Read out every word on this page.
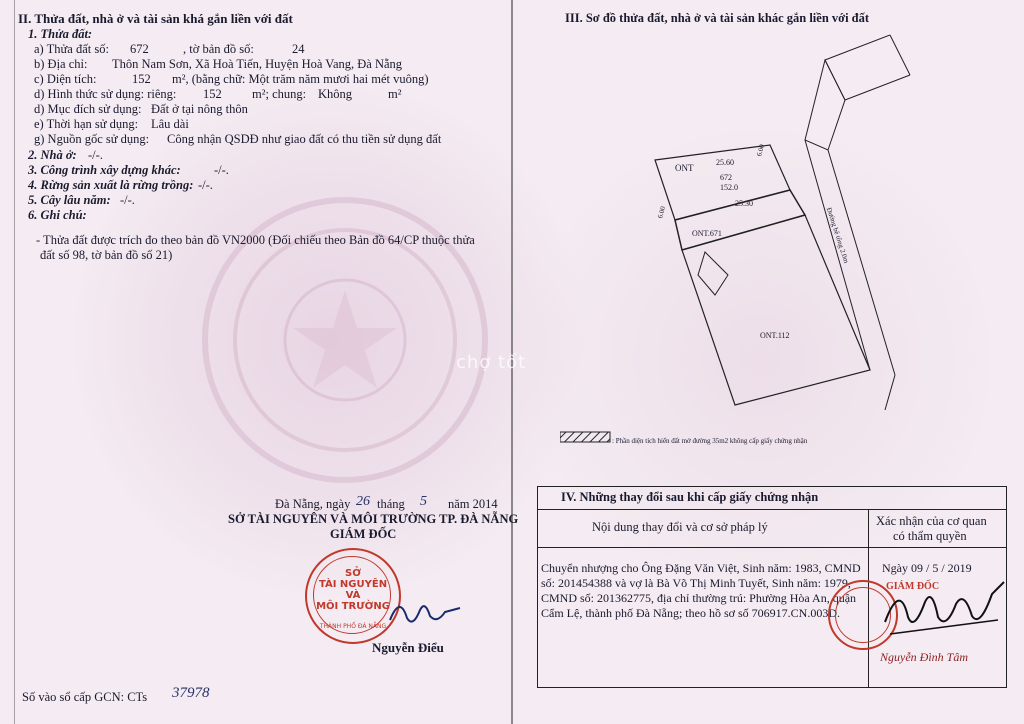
chợ tốt
II. Thửa đất, nhà ở và tài sản khá gắn liền với đất
1. Thửa đất:
a) Thửa đất số: 672	, tờ bản đồ số:	24
b) Địa chỉ: Thôn Nam Sơn, Xã Hoà Tiến, Huyện Hoà Vang, Đà Nẵng
c) Diện tích:	152 m², (bằng chữ: Một trăm năm mươi hai mét vuông)
d) Hình thức sử dụng: riêng: 152 m²; chung: Không	m²
d) Mục đích sử dụng: Đất ở tại nông thôn
e) Thời hạn sử dụng: Lâu dài
g) Nguồn gốc sử dụng: Công nhận QSDĐ như giao đất có thu tiền sử dụng đất
2. Nhà ở: -/-.
3. Công trình xây dựng khác:	-/-.
4. Rừng sản xuất là rừng trồng: -/-.
5. Cây lâu năm: -/-.
6. Ghi chú:
- Thửa đất được trích đo theo bản đồ VN2000 (Đối chiếu theo Bản đồ 64/CP thuộc thửa
đất số 98, tờ bản đồ số 21)
Đà Nẵng, ngày 26 tháng 5 năm 2014
SỞ TÀI NGUYÊN VÀ MÔI TRƯỜNG TP. ĐÀ NẴNG
GIÁM ĐỐC
SỞ
TÀI NGUYÊN
VÀ
MÔI TRƯỜNG
THÀNH PHỐ ĐÀ NẴNG
Nguyễn Điểu
Số vào sổ cấp GCN: CTs 37978
III. Sơ đồ thửa đất, nhà ở và tài sản khác gắn liền với đất
ONT
25.60
672
152.0
25.30
6.00
6.00
ONT.671
ONT.112
Đường bê tông 2.0m
: Phần diện tích hiến đất mở đường 35m2 không cấp giấy chứng nhận
IV. Những thay đổi sau khi cấp giấy chứng nhận
Nội dung thay đổi và cơ sở pháp lý	Xác nhận của cơ quan
có thẩm quyền
Chuyển nhượng cho Ông Đặng Văn Việt, Sinh năm: 1983, CMND
số: 201454388 và vợ là Bà Võ Thị Minh Tuyết, Sinh năm: 1979,
CMND số: 201362775, địa chỉ thường trú: Phường Hòa An, quận
Cẩm Lệ, thành phố Đà Nẵng; theo hồ sơ số 706917.CN.003D.
Ngày 09 / 5 / 2019
GIÁM ĐỐC
Nguyễn Đình Tâm
